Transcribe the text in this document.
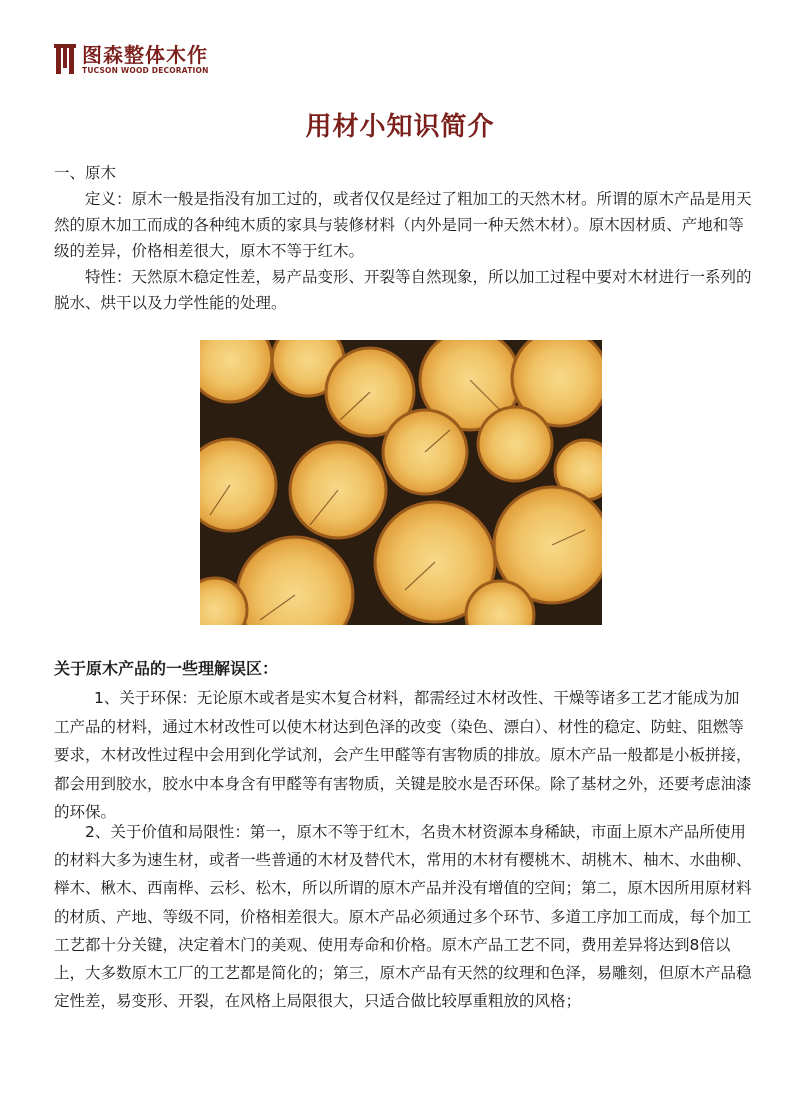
图森整体木作
TUCSON WOOD DECORATION
用材小知识简介
一、原木
定义：原木一般是指没有加工过的，或者仅仅是经过了粗加工的天然木材。所谓的原木产品是用天然的原木加工而成的各种纯木质的家具与装修材料（内外是同一种天然木材）。原木因材质、产地和等级的差异，价格相差很大，原木不等于红木。
特性：天然原木稳定性差，易产品变形、开裂等自然现象，所以加工过程中要对木材进行一系列的脱水、烘干以及力学性能的处理。
关于原木产品的一些理解误区：
1、关于环保：无论原木或者是实木复合材料，都需经过木材改性、干燥等诸多工艺才能成为加工产品的材料，通过木材改性可以使木材达到色泽的改变（染色、漂白）、材性的稳定、防蛀、阻燃等要求，木材改性过程中会用到化学试剂，会产生甲醛等有害物质的排放。原木产品一般都是小板拼接，都会用到胶水，胶水中本身含有甲醛等有害物质，关键是胶水是否环保。除了基材之外，还要考虑油漆的环保。
2、关于价值和局限性：第一，原木不等于红木，名贵木材资源本身稀缺，市面上原木产品所使用的材料大多为速生材，或者一些普通的木材及替代木，常用的木材有樱桃木、胡桃木、柚木、水曲柳、榉木、楸木、西南桦、云杉、松木，所以所谓的原木产品并没有增值的空间；第二，原木因所用原材料的材质、产地、等级不同，价格相差很大。原木产品必须通过多个环节、多道工序加工而成，每个加工工艺都十分关键，决定着木门的美观、使用寿命和价格。原木产品工艺不同，费用差异将达到8倍以上，大多数原木工厂的工艺都是简化的；第三，原木产品有天然的纹理和色泽，易雕刻，但原木产品稳定性差，易变形、开裂，在风格上局限很大，只适合做比较厚重粗放的风格；
